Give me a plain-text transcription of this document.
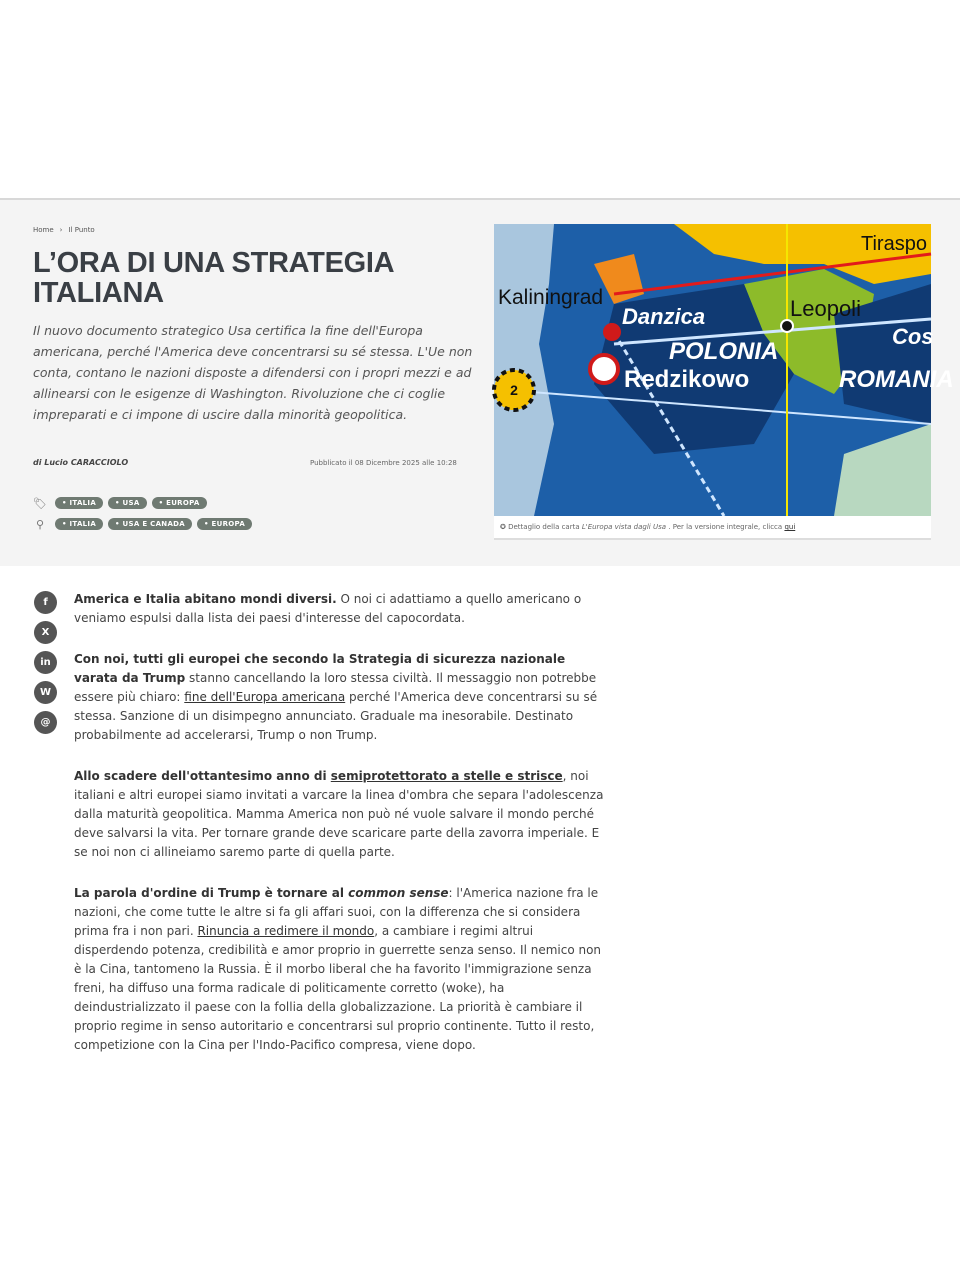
Home › Il Punto
L’ORA DI UNA STRATEGIA ITALIANA
Il nuovo documento strategico Usa certifica la fine dell'Europa americana, perché l'America deve concentrarsi su sé stessa. L'Ue non conta, contano le nazioni disposte a difendersi con i propri mezzi e ad allinearsi con le esigenze di Washington. Rivoluzione che ci coglie impreparati e ci impone di uscire dalla minorità geopolitica.
di Lucio CARACCIOLO	Pubblicato il 08 Dicembre 2025 alle 10:28
🏷	• ITALIA	• USA	• EUROPA
⚲	• ITALIA	• USA E CANADA	• EUROPA
2
Kaliningrad
Danzica
POLONIA
Redzikowo
Leopoli
Tiraspo
ROMANIA
Cos
✪ Dettaglio della carta L'Europa vista dagli Usa . Per la versione integrale, clicca qui
f
X
in
W
@

America e Italia abitano mondi diversi. O noi ci adattiamo a quello americano o veniamo espulsi dalla lista dei paesi d'interesse del capocordata.

Con noi, tutti gli europei che secondo la Strategia di sicurezza nazionale varata da Trump stanno cancellando la loro stessa civiltà. Il messaggio non potrebbe essere più chiaro: fine dell'Europa americana perché l'America deve concentrarsi su sé stessa. Sanzione di un disimpegno annunciato. Graduale ma inesorabile. Destinato probabilmente ad accelerarsi, Trump o non Trump.

Allo scadere dell'ottantesimo anno di semiprotettorato a stelle e strisce, noi italiani e altri europei siamo invitati a varcare la linea d'ombra che separa l'adolescenza dalla maturità geopolitica. Mamma America non può né vuole salvare il mondo perché deve salvarsi la vita. Per tornare grande deve scaricare parte della zavorra imperiale. E se noi non ci allineiamo saremo parte di quella parte.

La parola d'ordine di Trump è tornare al common sense: l'America nazione fra le nazioni, che come tutte le altre si fa gli affari suoi, con la differenza che si considera prima fra i non pari. Rinuncia a redimere il mondo, a cambiare i regimi altrui disperdendo potenza, credibilità e amor proprio in guerrette senza senso. Il nemico non è la Cina, tantomeno la Russia. È il morbo liberal che ha favorito l'immigrazione senza freni, ha diffuso una forma radicale di politicamente corretto (woke), ha deindustrializzato il paese con la follia della globalizzazione. La priorità è cambiare il proprio regime in senso autoritario e concentrarsi sul proprio continente. Tutto il resto, competizione con la Cina per l'Indo-Pacifico compresa, viene dopo.
